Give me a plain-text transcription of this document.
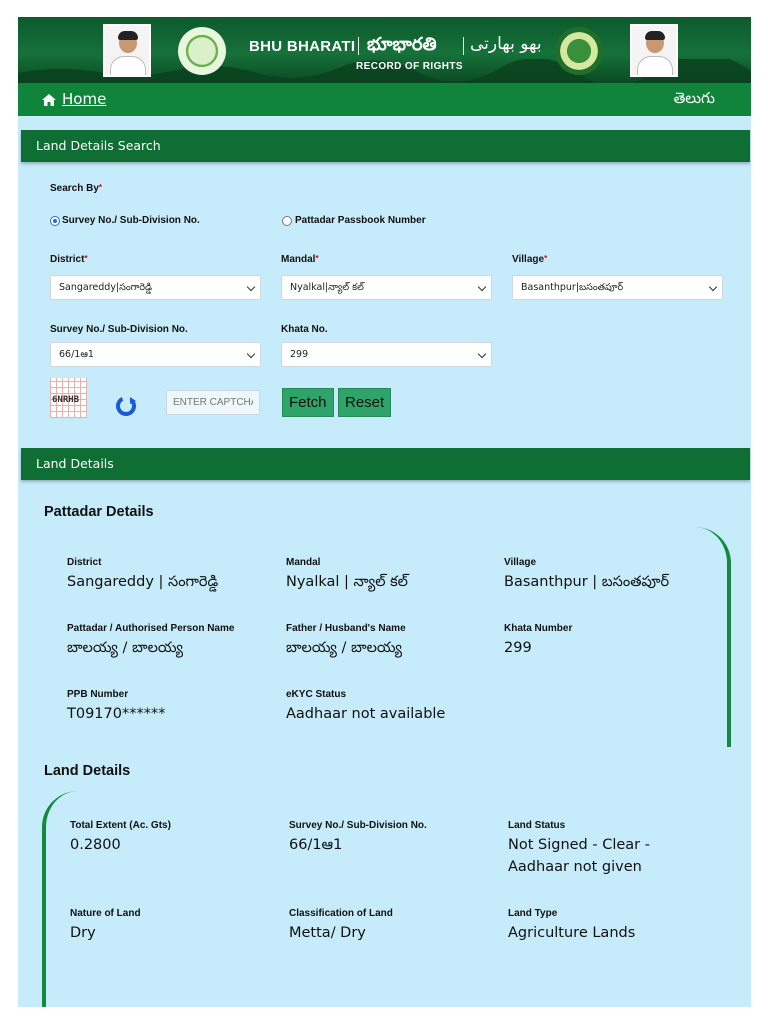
BHU BHARATI భూభారతి بھو بھارتی
RECORD OF RIGHTS
Home	తెలుగు
Land Details Search
Search By*
Survey No./ Sub-Division No.	Pattadar Passbook Number
District*
Sangareddy|సంగారెడ్డి
Mandal*
Nyalkal|న్యాల్ కల్
Village*
Basanthpur|బసంతపూర్
Survey No./ Sub-Division No.
66/1ఆ1
Khata No.
299
6NRHB
ENTER CAPTCHA	Fetch	Reset
Land Details
Pattadar Details
District
Sangareddy | సంగారెడ్డి
Mandal
Nyalkal | న్యాల్ కల్
Village
Basanthpur | బసంతపూర్
Pattadar / Authorised Person Name
బాలయ్య / బాలయ్య
Father / Husband's Name
బాలయ్య / బాలయ్య
Khata Number
299
PPB Number
T09170******
eKYC Status
Aadhaar not available
Land Details
Total Extent (Ac. Gts)
0.2800
Survey No./ Sub-Division No.
66/1ఆ1
Land Status
Not Signed - Clear - Aadhaar not given
Nature of Land
Dry
Classification of Land
Metta/ Dry
Land Type
Agriculture Lands
